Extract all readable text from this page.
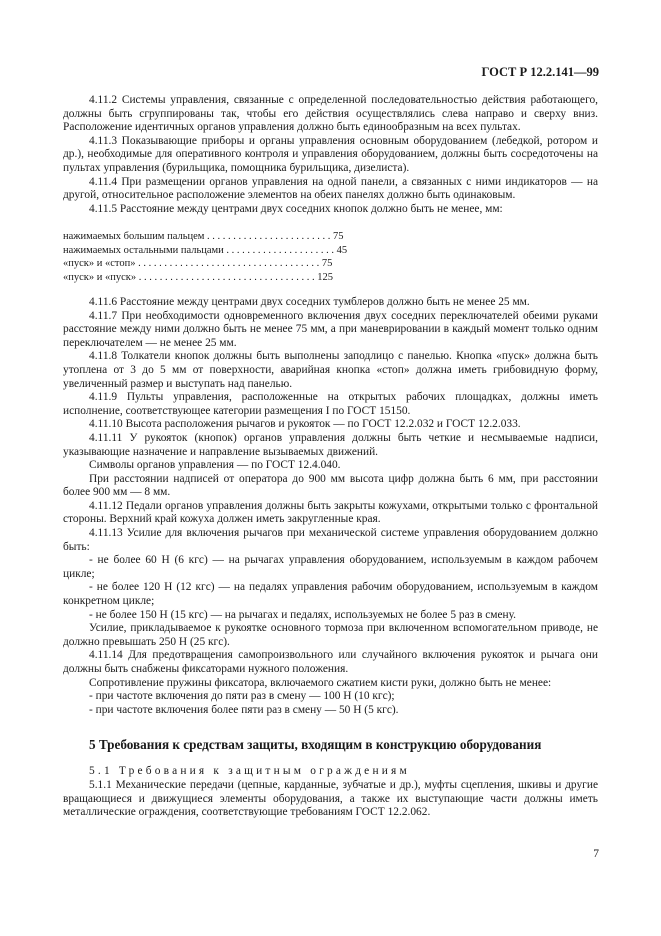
ГОСТ Р 12.2.141—99

4.11.2 Системы управления, связанные с определенной последовательностью действия работающего, должны быть сгруппированы так, чтобы его действия осуществлялись слева направо и сверху вниз. Расположение идентичных органов управления должно быть единообразным на всех пультах.

4.11.3 Показывающие приборы и органы управления основным оборудованием (лебедкой, ротором и др.), необходимые для оперативного контроля и управления оборудованием, должны быть сосредоточены на пультах управления (бурильщика, помощника бурильщика, дизелиста).

4.11.4 При размещении органов управления на одной панели, а связанных с ними индикаторов — на другой, относительное расположение элементов на обеих панелях должно быть одинаковым.

4.11.5 Расстояние между центрами двух соседних кнопок должно быть не менее, мм:

нажимаемых большим пальцем . . . . . . . . . . . . . . . . . . . . . . . . 75
нажимаемых остальными пальцами . . . . . . . . . . . . . . . . . . . . . 45
«пуск» и «стоп» . . . . . . . . . . . . . . . . . . . . . . . . . . . . . . . . . . . 75
«пуск» и «пуск» . . . . . . . . . . . . . . . . . . . . . . . . . . . . . . . . . . 125

4.11.6 Расстояние между центрами двух соседних тумблеров должно быть не менее 25 мм.

4.11.7 При необходимости одновременного включения двух соседних переключателей обеими руками расстояние между ними должно быть не менее 75 мм, а при маневрировании в каждый момент только одним переключателем — не менее 25 мм.

4.11.8 Толкатели кнопок должны быть выполнены заподлицо с панелью. Кнопка «пуск» должна быть утоплена от 3 до 5 мм от поверхности, аварийная кнопка «стоп» должна иметь грибовидную форму, увеличенный размер и выступать над панелью.

4.11.9 Пульты управления, расположенные на открытых рабочих площадках, должны иметь исполнение, соответствующее категории размещения I по ГОСТ 15150.

4.11.10 Высота расположения рычагов и рукояток — по ГОСТ 12.2.032 и ГОСТ 12.2.033.

4.11.11 У рукояток (кнопок) органов управления должны быть четкие и несмываемые надписи, указывающие назначение и направление вызываемых движений.

Символы органов управления — по ГОСТ 12.4.040.

При расстоянии надписей от оператора до 900 мм высота цифр должна быть 6 мм, при расстоянии более 900 мм — 8 мм.

4.11.12 Педали органов управления должны быть закрыты кожухами, открытыми только с фронтальной стороны. Верхний край кожуха должен иметь закругленные края.

4.11.13 Усилие для включения рычагов при механической системе управления оборудованием должно быть:

- не более 60 Н (6 кгс) — на рычагах управления оборудованием, используемым в каждом рабочем цикле;

- не более 120 Н (12 кгс) — на педалях управления рабочим оборудованием, используемым в каждом конкретном цикле;

- не более 150 Н (15 кгс) — на рычагах и педалях, используемых не более 5 раз в смену.

Усилие, прикладываемое к рукоятке основного тормоза при включенном вспомогательном приводе, не должно превышать 250 Н (25 кгс).

4.11.14 Для предотвращения самопроизвольного или случайного включения рукояток и рычага они должны быть снабжены фиксаторами нужного положения.

Сопротивление пружины фиксатора, включаемого сжатием кисти руки, должно быть не менее:

- при частоте включения до пяти раз в смену — 100 Н (10 кгс);

- при частоте включения более пяти раз в смену — 50 Н (5 кгс).

5 Требования к средствам защиты, входящим в конструкцию оборудования

5.1 Требования к защитным ограждениям

5.1.1 Механические передачи (цепные, карданные, зубчатые и др.), муфты сцепления, шкивы и другие вращающиеся и движущиеся элементы оборудования, а также их выступающие части должны иметь металлические ограждения, соответствующие требованиям ГОСТ 12.2.062.

7
